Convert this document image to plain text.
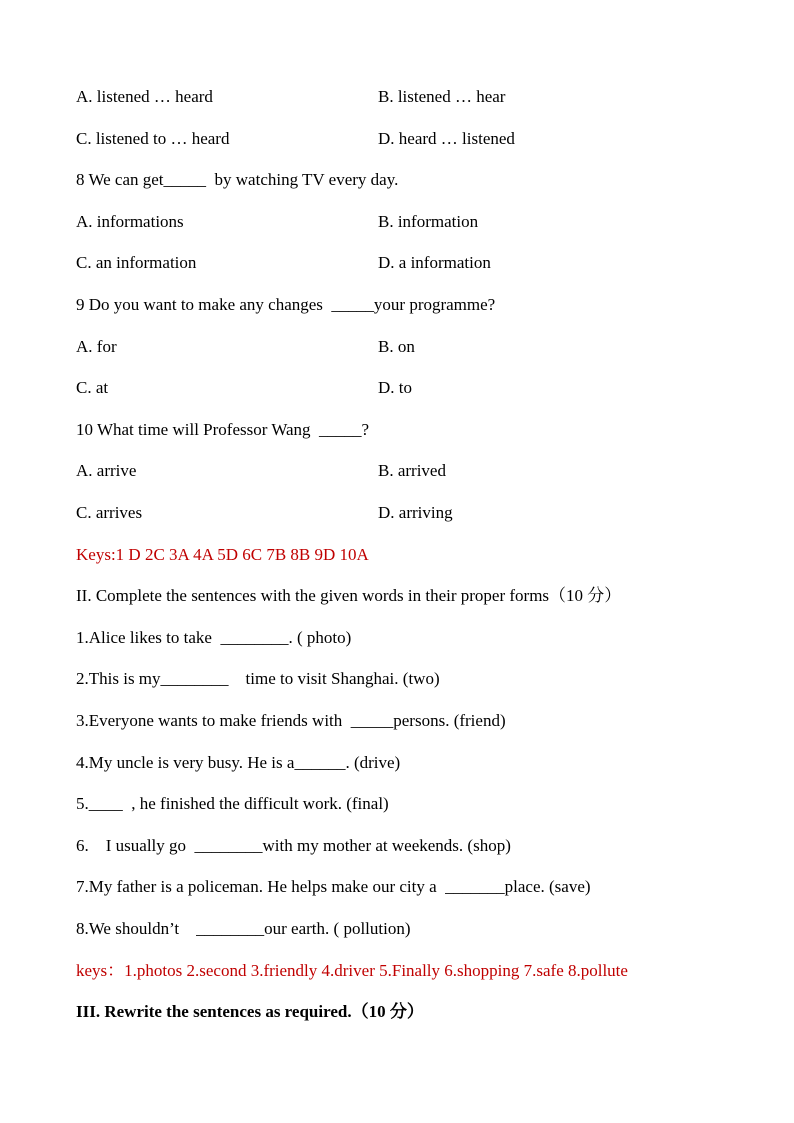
A. listened … heard	B. listened … hear
C. listened to … heard	D. heard … listened
8 We can get_____  by watching TV every day.
A. informations	B. information
C. an information	D. a information
9 Do you want to make any changes  _____your programme?
A. for	B. on
C. at	D. to
10 What time will Professor Wang  _____?
A. arrive	B. arrived
C. arrives	D. arriving
Keys:1 D 2C 3A 4A 5D 6C 7B 8B 9D 10A
II. Complete the sentences with the given words in their proper forms（10 分）
1.Alice likes to take  ________. ( photo)
2.This is my________    time to visit Shanghai. (two)
3.Everyone wants to make friends with  _____persons. (friend)
4.My uncle is very busy. He is a______. (drive)
5.____  , he finished the difficult work. (final)
6.    I usually go  ________with my mother at weekends. (shop)
7.My father is a policeman. He helps make our city a  _______place. (save)
8.We shouldn’t    ________our earth. ( pollution)
keys：1.photos 2.second 3.friendly 4.driver 5.Finally 6.shopping 7.safe 8.pollute
III. Rewrite the sentences as required.（10 分）
